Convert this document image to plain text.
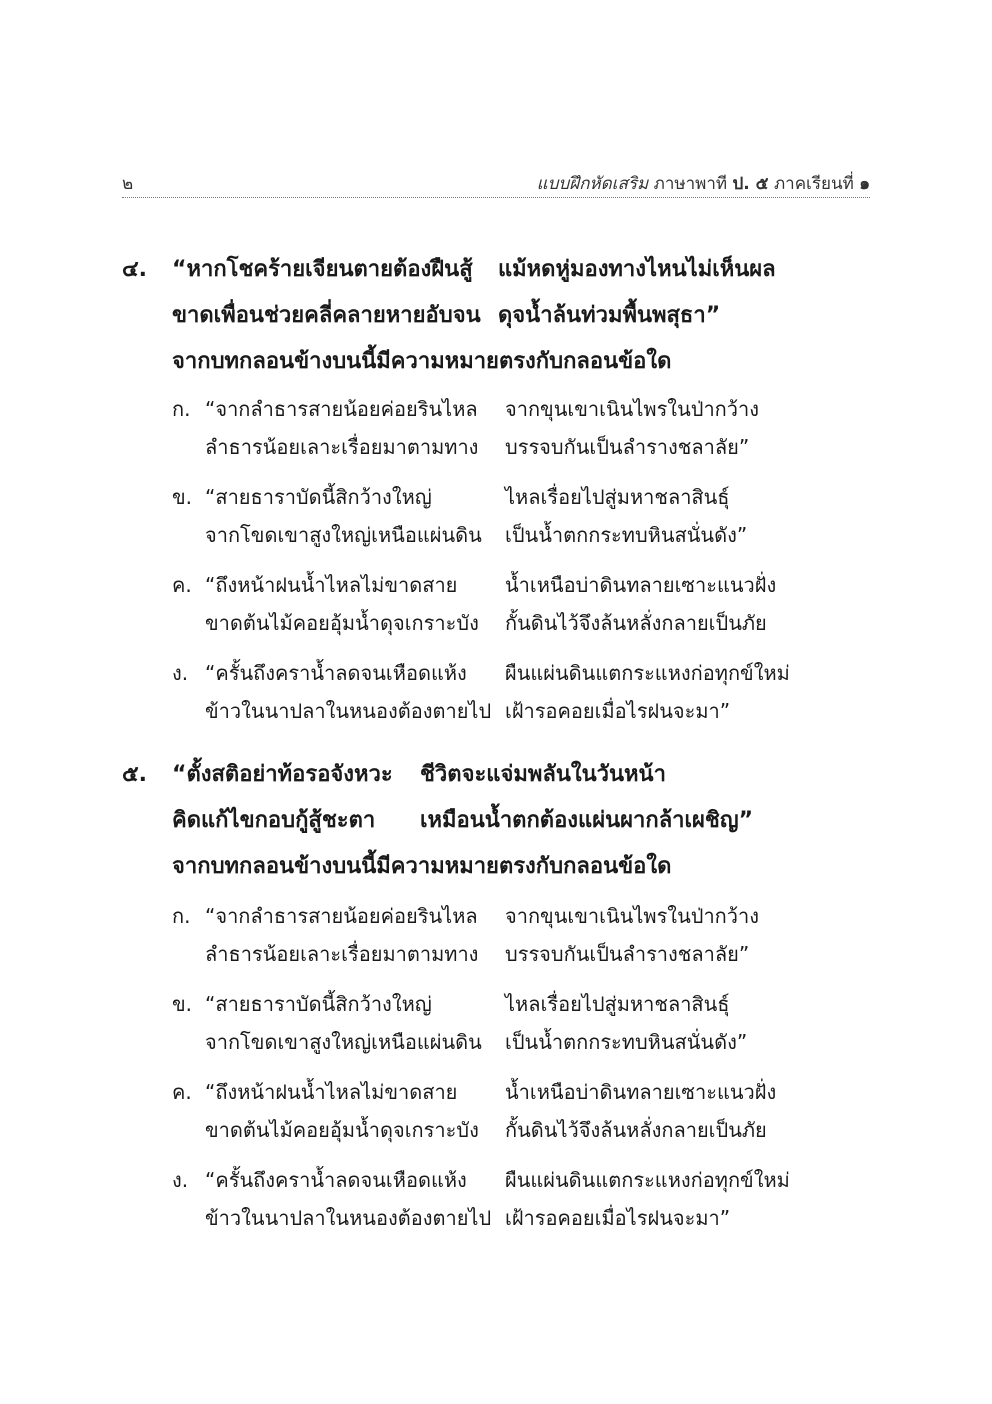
๒	แบบฝึกหัดเสริม ภาษาพาที ป. ๕ ภาคเรียนที่ ๑
๔. “หากโชคร้ายเจียนตายต้องฝืนสู้ แม้หดหู่มองทางไหนไม่เห็นผล
ขาดเพื่อนช่วยคลี่คลายหายอับจน ดุจน้ำล้นท่วมพื้นพสุธา”
จากบทกลอนข้างบนนี้มีความหมายตรงกับกลอนข้อใด
ก. “จากลำธารสายน้อยค่อยรินไหล จากขุนเขาเนินไพรในป่ากว้าง
ลำธารน้อยเลาะเรื่อยมาตามทาง บรรจบกันเป็นลำรางชลาลัย”
ข. “สายธาราบัดนี้สิกว้างใหญ่	ไหลเรื่อยไปสู่มหาชลาสินธุ์
จากโขดเขาสูงใหญ่เหนือแผ่นดิน เป็นน้ำตกกระทบหินสนั่นดัง”
ค. “ถึงหน้าฝนน้ำไหลไม่ขาดสาย น้ำเหนือบ่าดินทลายเซาะแนวฝั่ง
ขาดต้นไม้คอยอุ้มน้ำดุจเกราะบัง กั้นดินไว้จึงล้นหลั่งกลายเป็นภัย
ง. “ครั้นถึงคราน้ำลดจนเหือดแห้ง ผืนแผ่นดินแตกระแหงก่อทุกข์ใหม่
ข้าวในนาปลาในหนองต้องตายไป เฝ้ารอคอยเมื่อไรฝนจะมา”
๕. “ตั้งสติอย่าท้อรอจังหวะ ชีวิตจะแจ่มพลันในวันหน้า
คิดแก้ไขกอบกู้สู้ชะตา เหมือนน้ำตกต้องแผ่นผากล้าเผชิญ”
จากบทกลอนข้างบนนี้มีความหมายตรงกับกลอนข้อใด
ก. “จากลำธารสายน้อยค่อยรินไหล จากขุนเขาเนินไพรในป่ากว้าง
ลำธารน้อยเลาะเรื่อยมาตามทาง บรรจบกันเป็นลำรางชลาลัย”
ข. “สายธาราบัดนี้สิกว้างใหญ่	ไหลเรื่อยไปสู่มหาชลาสินธุ์
จากโขดเขาสูงใหญ่เหนือแผ่นดิน เป็นน้ำตกกระทบหินสนั่นดัง”
ค. “ถึงหน้าฝนน้ำไหลไม่ขาดสาย น้ำเหนือบ่าดินทลายเซาะแนวฝั่ง
ขาดต้นไม้คอยอุ้มน้ำดุจเกราะบัง กั้นดินไว้จึงล้นหลั่งกลายเป็นภัย
ง. “ครั้นถึงคราน้ำลดจนเหือดแห้ง ผืนแผ่นดินแตกระแหงก่อทุกข์ใหม่
ข้าวในนาปลาในหนองต้องตายไป เฝ้ารอคอยเมื่อไรฝนจะมา”
